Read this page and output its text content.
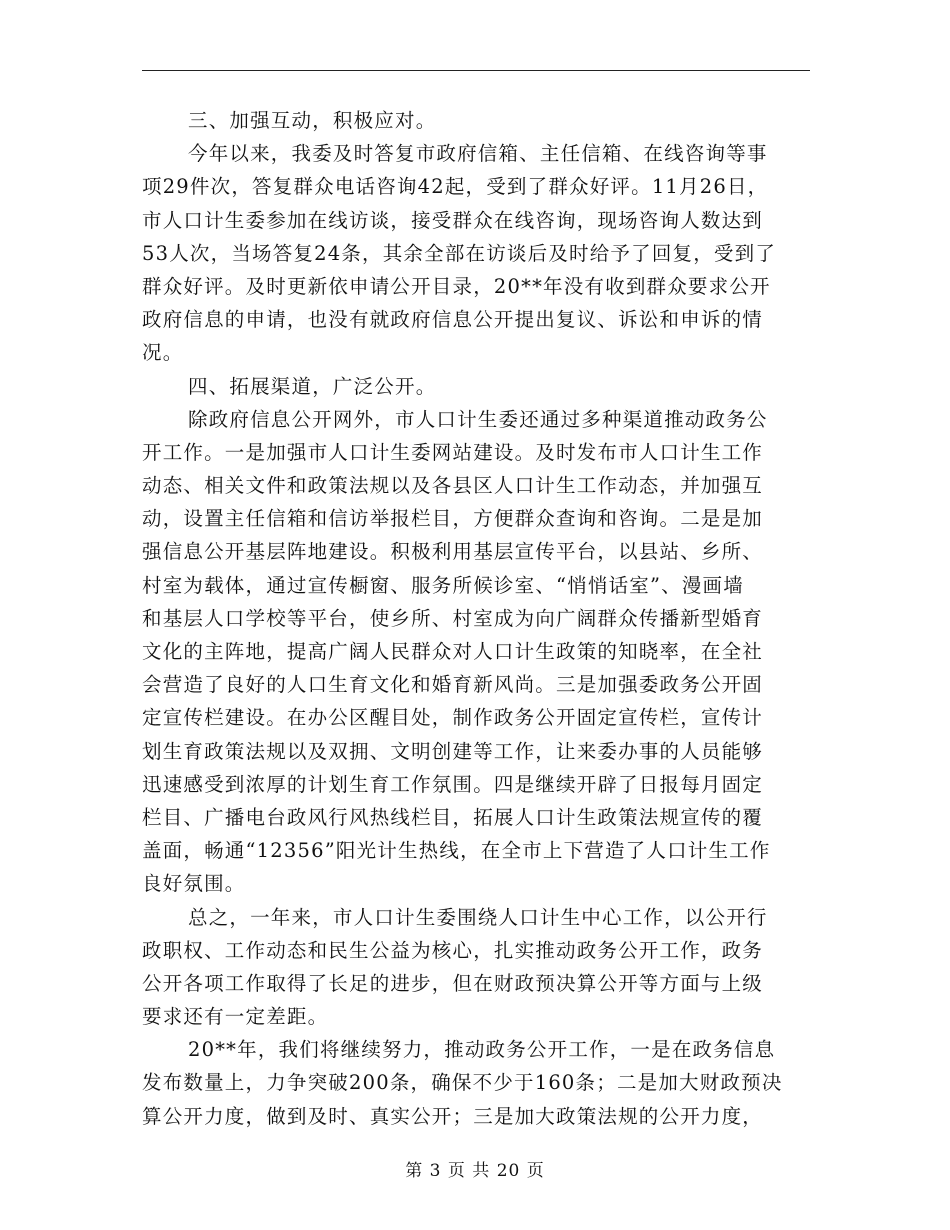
三、加强互动，积极应对。
今年以来，我委及时答复市政府信箱、主任信箱、在线咨询等事
项29件次，答复群众电话咨询42起，受到了群众好评。11月26日，
市人口计生委参加在线访谈，接受群众在线咨询，现场咨询人数达到
53人次，当场答复24条，其余全部在访谈后及时给予了回复，受到了
群众好评。及时更新依申请公开目录，20**年没有收到群众要求公开
政府信息的申请，也没有就政府信息公开提出复议、诉讼和申诉的情
况。
四、拓展渠道，广泛公开。
除政府信息公开网外，市人口计生委还通过多种渠道推动政务公
开工作。一是加强市人口计生委网站建设。及时发布市人口计生工作
动态、相关文件和政策法规以及各县区人口计生工作动态，并加强互
动，设置主任信箱和信访举报栏目，方便群众查询和咨询。二是是加
强信息公开基层阵地建设。积极利用基层宣传平台，以县站、乡所、
村室为载体，通过宣传橱窗、服务所候诊室、“悄悄话室”、漫画墙
和基层人口学校等平台，使乡所、村室成为向广阔群众传播新型婚育
文化的主阵地，提高广阔人民群众对人口计生政策的知晓率，在全社
会营造了良好的人口生育文化和婚育新风尚。三是加强委政务公开固
定宣传栏建设。在办公区醒目处，制作政务公开固定宣传栏，宣传计
划生育政策法规以及双拥、文明创建等工作，让来委办事的人员能够
迅速感受到浓厚的计划生育工作氛围。四是继续开辟了日报每月固定
栏目、广播电台政风行风热线栏目，拓展人口计生政策法规宣传的覆
盖面，畅通“12356”阳光计生热线，在全市上下营造了人口计生工作
良好氛围。
总之，一年来，市人口计生委围绕人口计生中心工作，以公开行
政职权、工作动态和民生公益为核心，扎实推动政务公开工作，政务
公开各项工作取得了长足的进步，但在财政预决算公开等方面与上级
要求还有一定差距。
20**年，我们将继续努力，推动政务公开工作，一是在政务信息
发布数量上，力争突破200条，确保不少于160条；二是加大财政预决
算公开力度，做到及时、真实公开；三是加大政策法规的公开力度，
第 3 页 共 20 页
